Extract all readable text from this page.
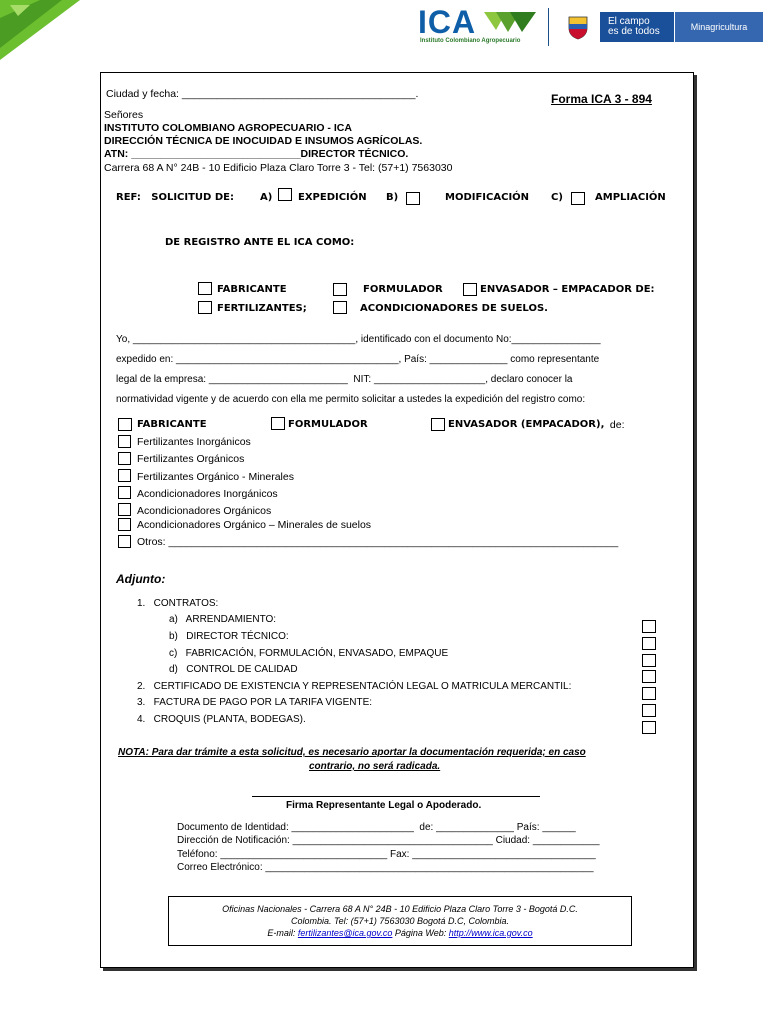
ICA
Instituto Colombiano Agropecuario
El campo
es de todos	Minagricultura
Ciudad y fecha: ________________________________________.	Forma ICA 3 - 894
Señores
INSTITUTO COLOMBIANO AGROPECUARIO - ICA
DIRECCIÓN TÉCNICA DE INOCUIDAD E INSUMOS AGRÍCOLAS.
ATN: _____________________________DIRECTOR TÉCNICO.
Carrera 68 A N° 24B - 10 Edificio Plaza Claro Torre 3 - Tel: (57+1) 7563030
REF:   SOLICITUD DE:	A)	EXPEDICIÓN B)	MODIFICACIÓN C)	AMPLIACIÓN
DE REGISTRO ANTE EL ICA COMO:
FABRICANTE	FORMULADOR	ENVASADOR – EMPACADOR DE:
FERTILIZANTES;	ACONDICIONADORES DE SUELOS.
Yo, ________________________________________, identificado con el documento No:________________
expedido en: ________________________________________, País: ______________ como representante
legal de la empresa: _________________________  NIT: ____________________, declaro conocer la
normatividad vigente y de acuerdo con ella me permito solicitar a ustedes la expedición del registro como:
FABRICANTE	FORMULADOR	ENVASADOR (EMPACADOR), de:
Fertilizantes Inorgánicos
Fertilizantes Orgánicos
Fertilizantes Orgánico - Minerales
Acondicionadores Inorgánicos
Acondicionadores Orgánicos
Acondicionadores Orgánico – Minerales de suelos
Otros: _____________________________________________________________________________
Adjunto:
1.   CONTRATOS:
a)   ARRENDAMIENTO:
b)   DIRECTOR TÉCNICO:
c)   FABRICACIÓN, FORMULACIÓN, ENVASADO, EMPAQUE
d)   CONTROL DE CALIDAD
2.   CERTIFICADO DE EXISTENCIA Y REPRESENTACIÓN LEGAL O MATRICULA MERCANTIL:
3.   FACTURA DE PAGO POR LA TARIFA VIGENTE:
4.   CROQUIS (PLANTA, BODEGAS).
NOTA: Para dar trámite a esta solicitud, es necesario aportar la documentación requerida; en caso
contrario, no será radicada.
Firma Representante Legal o Apoderado.
Documento de Identidad: ______________________  de: ______________ País: ______
Dirección de Notificación: ____________________________________ Ciudad: ____________
Teléfono: ______________________________ Fax: _________________________________
Correo Electrónico: ___________________________________________________________
Oficinas Nacionales - Carrera 68 A N° 24B - 10 Edificio Plaza Claro Torre 3 - Bogotá D.C.
Colombia. Tel: (57+1) 7563030 Bogotá D.C, Colombia.
E-mail: fertilizantes@ica.gov.co Página Web: http://www.ica.gov.co
